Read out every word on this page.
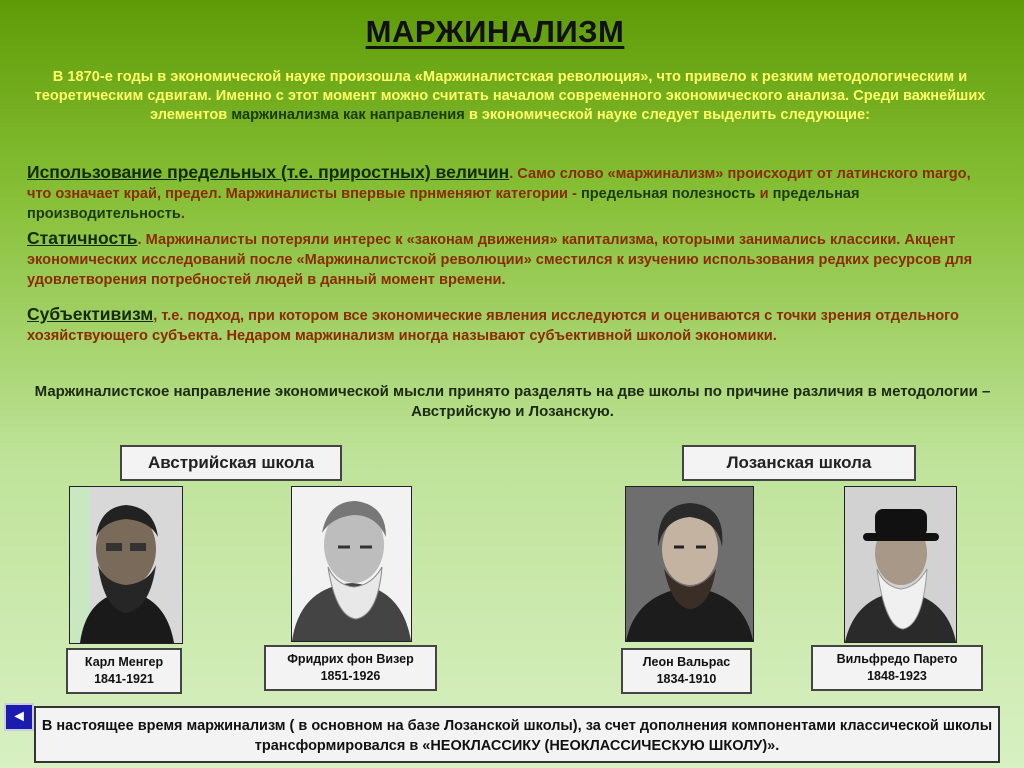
МАРЖИНАЛИЗМ
В 1870-е годы в экономической науке произошла «Маржиналистская революция», что привело к резким методологическим и теоретическим сдвигам. Именно с этот момент можно считать началом современного экономического анализа. Среди важнейших элементов маржинализма как направления в экономической науке следует выделить следующие:
Использование предельных (т.е. приростных) величин. Само слово «маржинализм» происходит от латинского margo, что означает край, предел. Маржиналисты впервые прнменяют категории - предельная полезность и предельная производительность.
Статичность. Маржиналисты потеряли интерес к «законам движения» капитализма, которыми занимались классики. Акцент экономических исследований после «Маржиналистской революции» сместился к изучению использования редких ресурсов для удовлетворения потребностей людей в данный момент времени.
Субъективизм, т.е. подход, при котором все экономические явления исследуются и оцениваются с точки зрения отдельного хозяйствующего субъекта. Недаром маржинализм иногда называют субъективной школой экономики.
Маржиналистское направление экономической мысли принято разделять на две школы по причине различия в методологии – Австрийскую и Лозанскую.
Австрийская школа	Лозанская школа
Карл Менгер
1841-1921
Фридрих фон Визер
1851-1926
Леон Вальрас
1834-1910
Вильфредо Парето
1848-1923
◄
В настоящее время маржинализм ( в основном на базе Лозанской школы), за счет дополнения компонентами классической школы трансформировался в «НЕОКЛАССИКУ (НЕОКЛАССИЧЕСКУЮ ШКОЛУ)».
